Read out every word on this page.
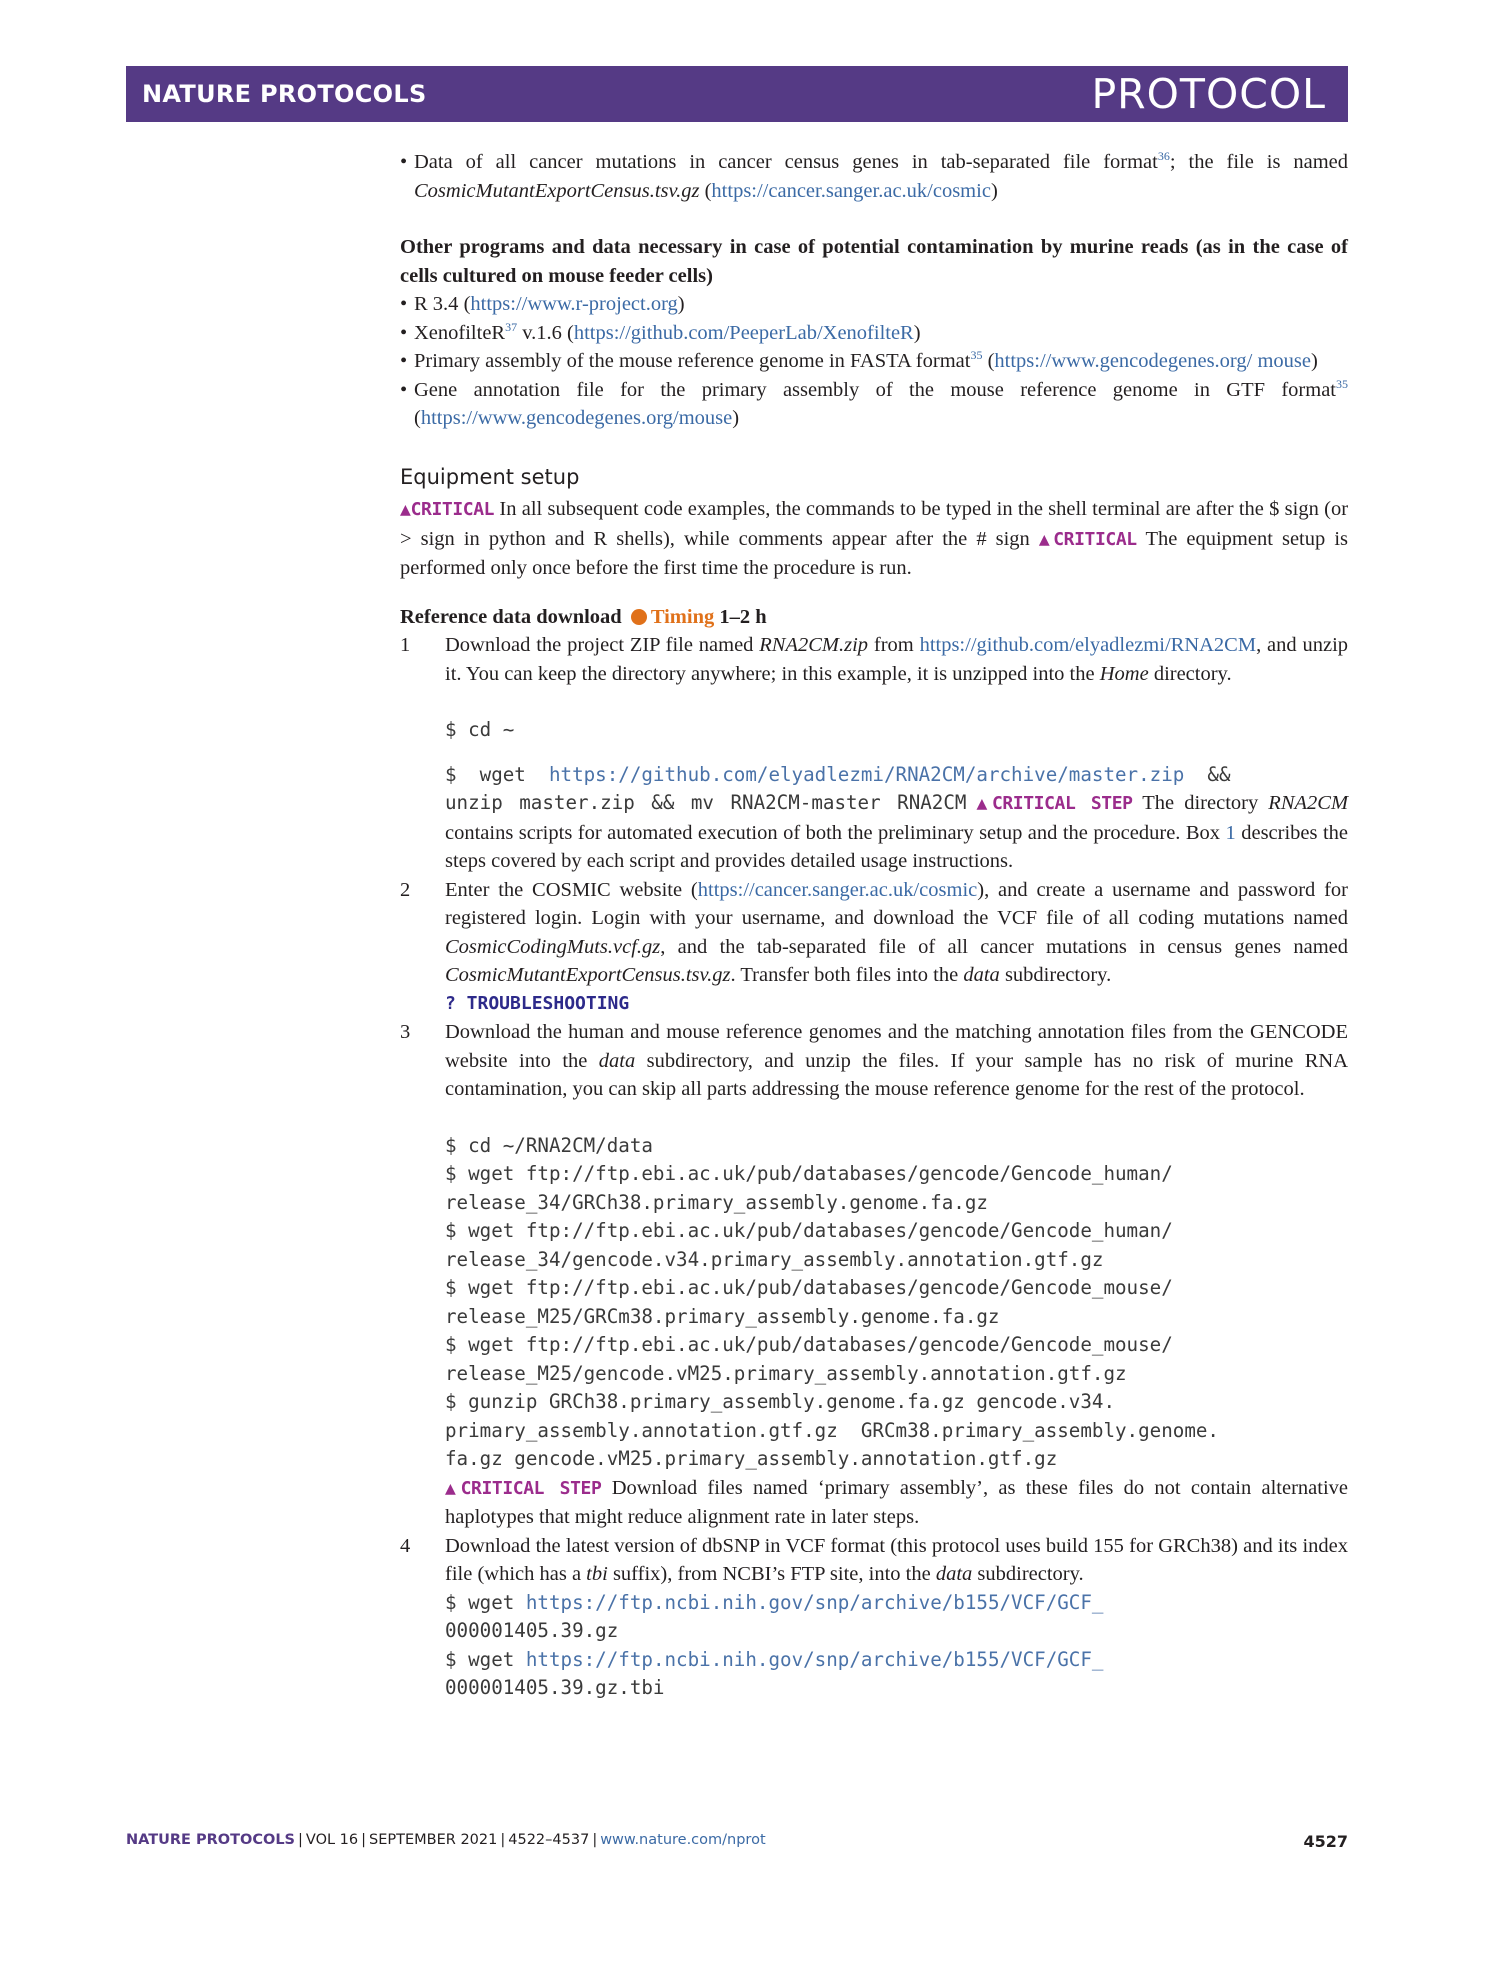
NATURE PROTOCOLS	PROTOCOL
• Data of all cancer mutations in cancer census genes in tab-separated file format$^{36}$; the file is named CosmicMutantExportCensus.tsv.gz (https://cancer.sanger.ac.uk/cosmic)

Other programs and data necessary in case of potential contamination by murine reads (as in the case of cells cultured on mouse feeder cells)

• R 3.4 (https://www.r-project.org)
• XenofilteR$^{37}$ v.1.6 (https://github.com/PeeperLab/XenofilteR)
• Primary assembly of the mouse reference genome in FASTA format$^{35}$ (https://www.gencodegenes.org/ mouse)
• Gene annotation file for the primary assembly of the mouse reference genome in GTF format$^{35}$ (https://www.gencodegenes.org/mouse)
Equipment setup

▲CRITICAL In all subsequent code examples, the commands to be typed in the shell terminal are after the $ sign (or > sign in python and R shells), while comments appear after the # sign ▲CRITICAL The equipment setup is performed only once before the first time the procedure is run.

Reference data download Timing 1–2 h

1 Download the project ZIP file named RNA2CM.zip from https://github.com/elyadlezmi/RNA2CM, and unzip it. You can keep the directory anywhere; in this example, it is unzipped into the Home directory.
$ cd ~
$  wget  https://github.com/elyadlezmi/RNA2CM/archive/master.zip  &&
unzip master.zip && mv RNA2CM-master RNA2CM ▲CRITICAL STEP The directory RNA2CM contains scripts for automated execution of both the preliminary setup and the procedure. Box 1 describes the steps covered by each script and provides detailed usage instructions.
2 Enter the COSMIC website (https://cancer.sanger.ac.uk/cosmic), and create a username and password for registered login. Login with your username, and download the VCF file of all coding mutations named CosmicCodingMuts.vcf.gz, and the tab-separated file of all cancer mutations in census genes named CosmicMutantExportCensus.tsv.gz. Transfer both files into the data subdirectory.
? TROUBLESHOOTING
3 Download the human and mouse reference genomes and the matching annotation files from the GENCODE website into the data subdirectory, and unzip the files. If your sample has no risk of murine RNA contamination, you can skip all parts addressing the mouse reference genome for the rest of the protocol.
$ cd ~/RNA2CM/data
$ wget ftp://ftp.ebi.ac.uk/pub/databases/gencode/Gencode_human/
release_34/GRCh38.primary_assembly.genome.fa.gz
$ wget ftp://ftp.ebi.ac.uk/pub/databases/gencode/Gencode_human/
release_34/gencode.v34.primary_assembly.annotation.gtf.gz
$ wget ftp://ftp.ebi.ac.uk/pub/databases/gencode/Gencode_mouse/
release_M25/GRCm38.primary_assembly.genome.fa.gz
$ wget ftp://ftp.ebi.ac.uk/pub/databases/gencode/Gencode_mouse/
release_M25/gencode.vM25.primary_assembly.annotation.gtf.gz
$ gunzip GRCh38.primary_assembly.genome.fa.gz gencode.v34.
primary_assembly.annotation.gtf.gz  GRCm38.primary_assembly.genome.
fa.gz gencode.vM25.primary_assembly.annotation.gtf.gz
▲CRITICAL STEP Download files named ‘primary assembly’, as these files do not contain alternative haplotypes that might reduce alignment rate in later steps.
4 Download the latest version of dbSNP in VCF format (this protocol uses build 155 for GRCh38) and its index file (which has a tbi suffix), from NCBI’s FTP site, into the data subdirectory.
$ wget https://ftp.ncbi.nih.gov/snp/archive/b155/VCF/GCF_
000001405.39.gz
$ wget https://ftp.ncbi.nih.gov/snp/archive/b155/VCF/GCF_
000001405.39.gz.tbi
NATURE PROTOCOLS | VOL 16 | SEPTEMBER 2021 | 4522–4537 | www.nature.com/nprot	4527
